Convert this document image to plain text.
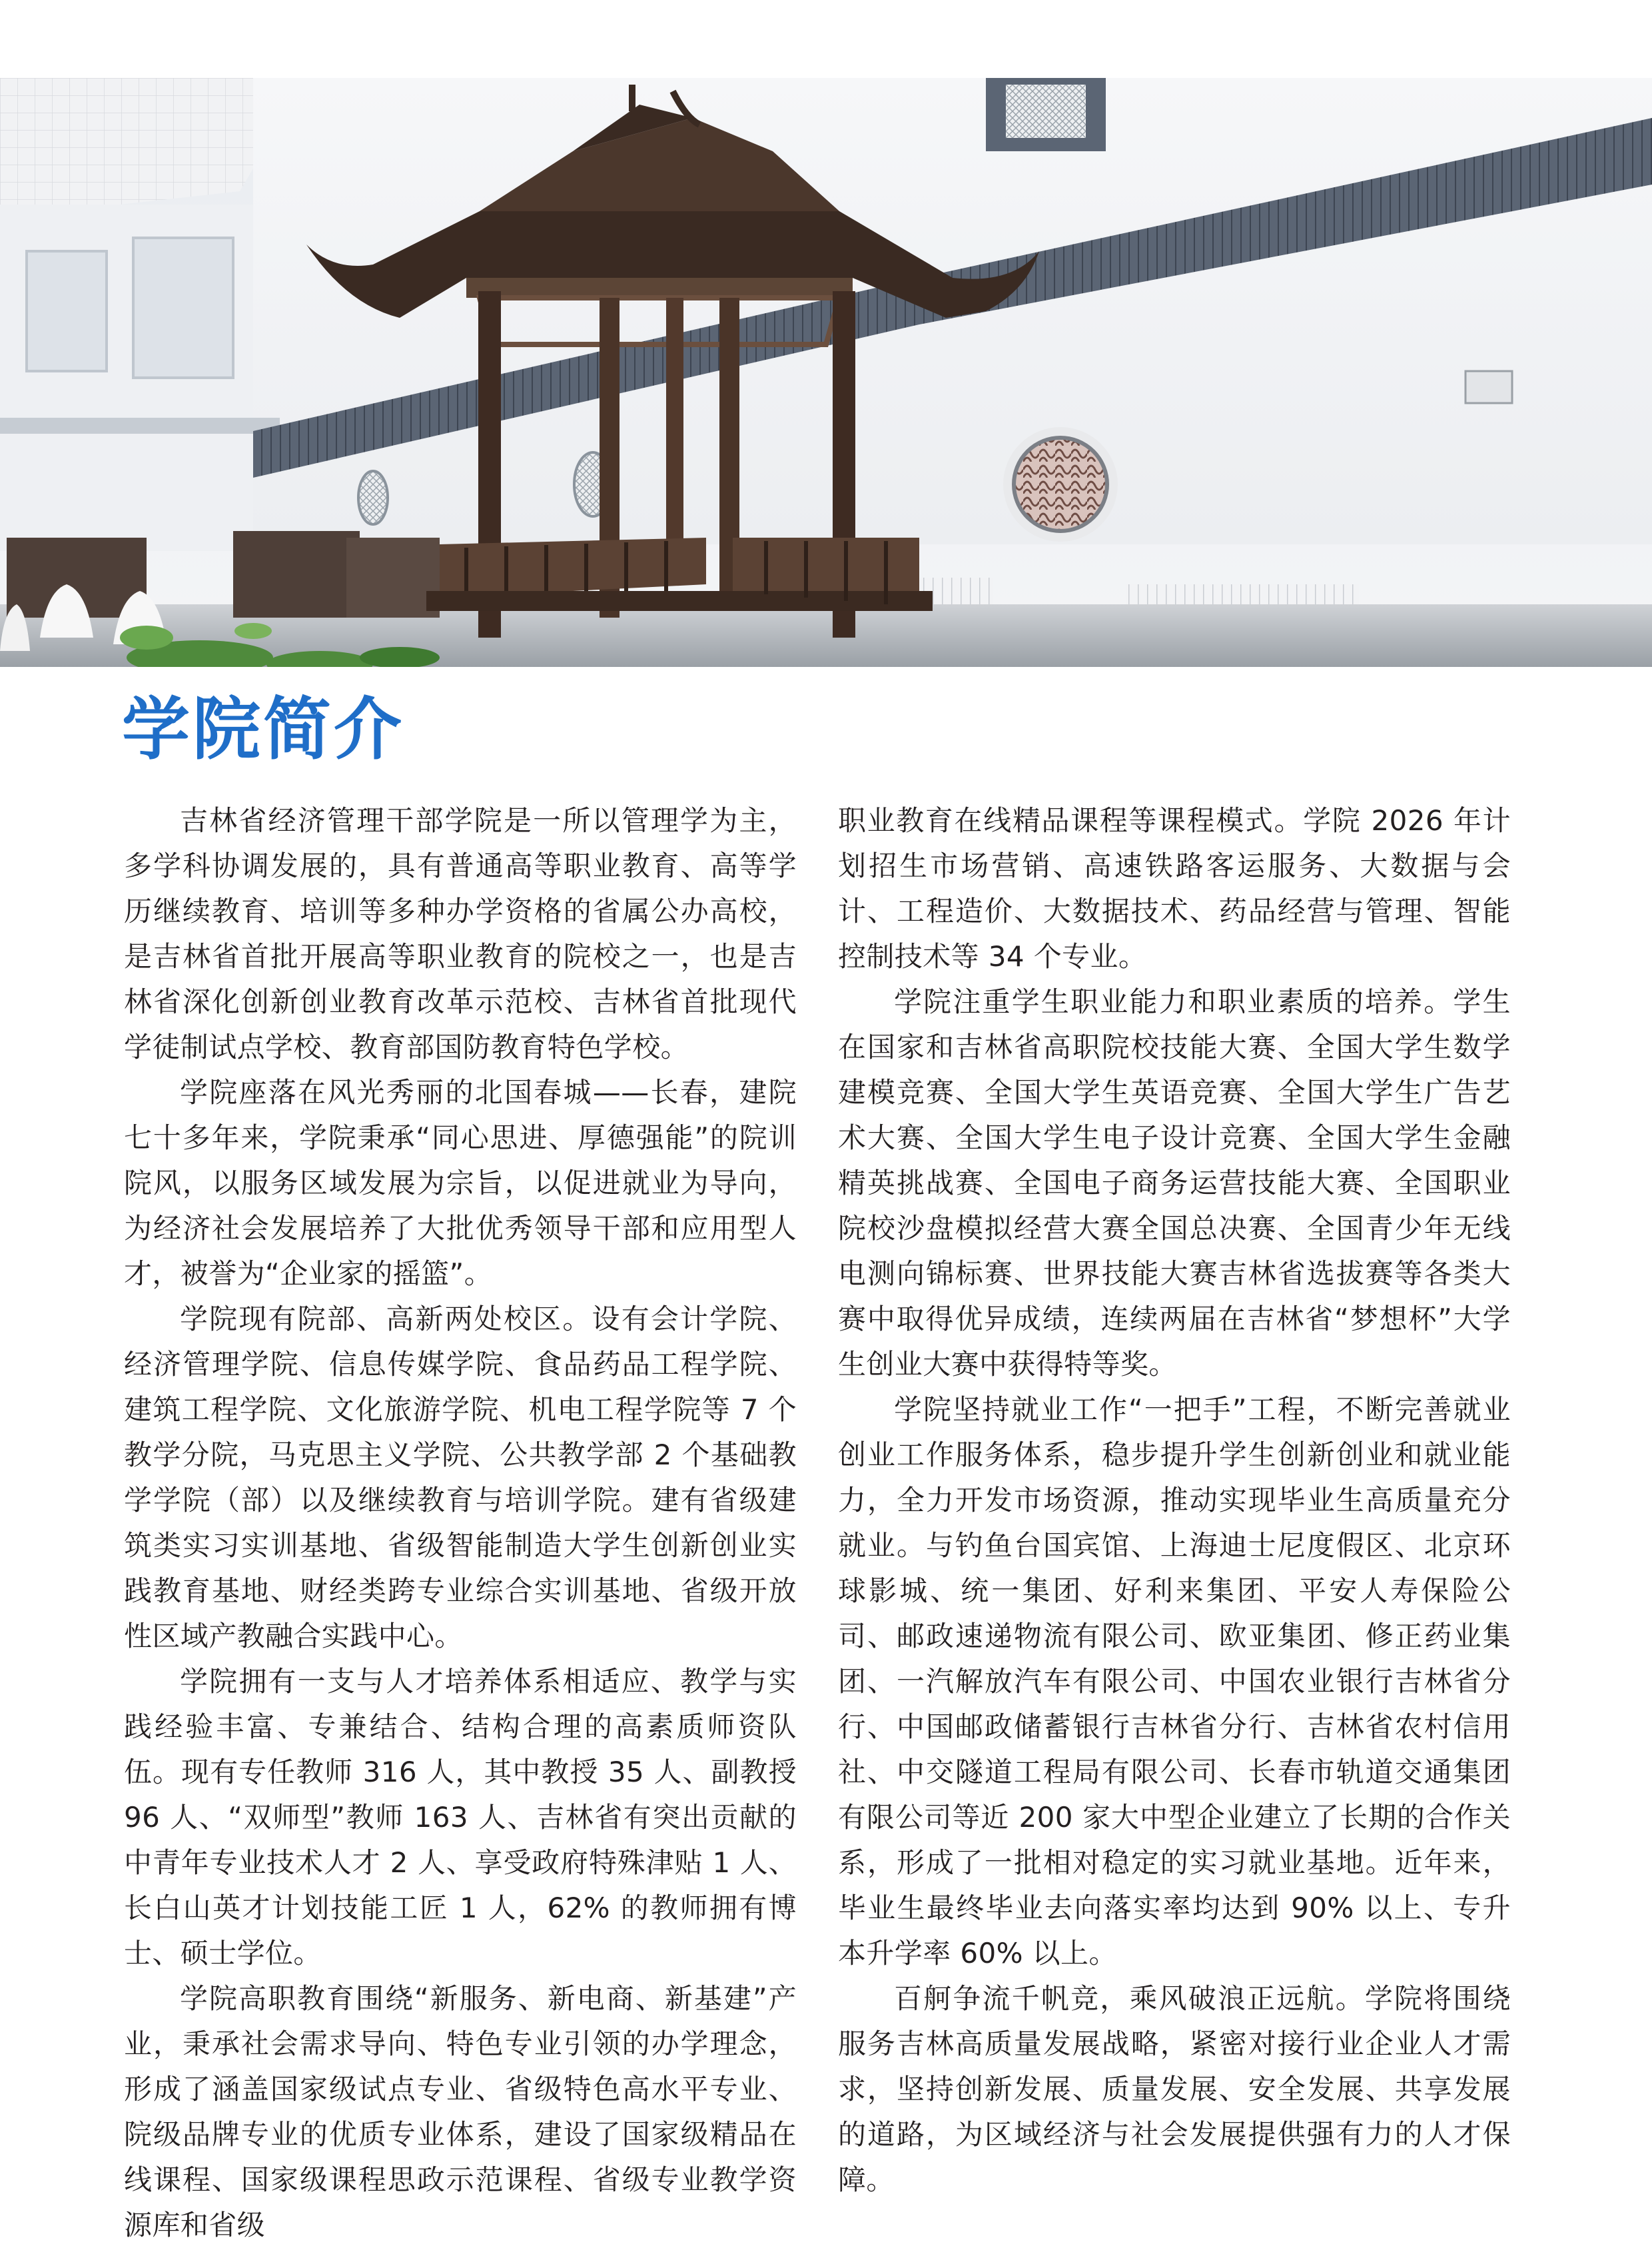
学院简介

吉林省经济管理干部学院是一所以管理学为主，多学科协调发展的，具有普通高等职业教育、高等学历继续教育、培训等多种办学资格的省属公办高校，是吉林省首批开展高等职业教育的院校之一，也是吉林省深化创新创业教育改革示范校、吉林省首批现代学徒制试点学校、教育部国防教育特色学校。

学院座落在风光秀丽的北国春城——长春，建院七十多年来，学院秉承“同心思进、厚德强能”的院训院风，以服务区域发展为宗旨，以促进就业为导向，为经济社会发展培养了大批优秀领导干部和应用型人才，被誉为“企业家的摇篮”。

学院现有院部、高新两处校区。设有会计学院、经济管理学院、信息传媒学院、食品药品工程学院、建筑工程学院、文化旅游学院、机电工程学院等 7 个教学分院，马克思主义学院、公共教学部 2 个基础教学学院（部）以及继续教育与培训学院。建有省级建筑类实习实训基地、省级智能制造大学生创新创业实践教育基地、财经类跨专业综合实训基地、省级开放性区域产教融合实践中心。

学院拥有一支与人才培养体系相适应、教学与实践经验丰富、专兼结合、结构合理的高素质师资队伍。现有专任教师 316 人，其中教授 35 人、副教授 96 人、“双师型”教师 163 人、吉林省有突出贡献的中青年专业技术人才 2 人、享受政府特殊津贴 1 人、长白山英才计划技能工匠 1 人，62% 的教师拥有博士、硕士学位。

学院高职教育围绕“新服务、新电商、新基建”产业，秉承社会需求导向、特色专业引领的办学理念，形成了涵盖国家级试点专业、省级特色高水平专业、院级品牌专业的优质专业体系，建设了国家级精品在线课程、国家级课程思政示范课程、省级专业教学资源库和省级

职业教育在线精品课程等课程模式。学院 2026 年计划招生市场营销、高速铁路客运服务、大数据与会计、工程造价、大数据技术、药品经营与管理、智能控制技术等 34 个专业。

学院注重学生职业能力和职业素质的培养。学生在国家和吉林省高职院校技能大赛、全国大学生数学建模竞赛、全国大学生英语竞赛、全国大学生广告艺术大赛、全国大学生电子设计竞赛、全国大学生金融精英挑战赛、全国电子商务运营技能大赛、全国职业院校沙盘模拟经营大赛全国总决赛、全国青少年无线电测向锦标赛、世界技能大赛吉林省选拔赛等各类大赛中取得优异成绩，连续两届在吉林省“梦想杯”大学生创业大赛中获得特等奖。

学院坚持就业工作“一把手”工程，不断完善就业创业工作服务体系，稳步提升学生创新创业和就业能力，全力开发市场资源，推动实现毕业生高质量充分就业。与钓鱼台国宾馆、上海迪士尼度假区、北京环球影城、统一集团、好利来集团、平安人寿保险公司、邮政速递物流有限公司、欧亚集团、修正药业集团、一汽解放汽车有限公司、中国农业银行吉林省分行、中国邮政储蓄银行吉林省分行、吉林省农村信用社、中交隧道工程局有限公司、长春市轨道交通集团有限公司等近 200 家大中型企业建立了长期的合作关系，形成了一批相对稳定的实习就业基地。近年来，毕业生最终毕业去向落实率均达到 90% 以上、专升本升学率 60% 以上。

百舸争流千帆竞，乘风破浪正远航。学院将围绕服务吉林高质量发展战略，紧密对接行业企业人才需求，坚持创新发展、质量发展、安全发展、共享发展的道路，为区域经济与社会发展提供强有力的人才保障。
